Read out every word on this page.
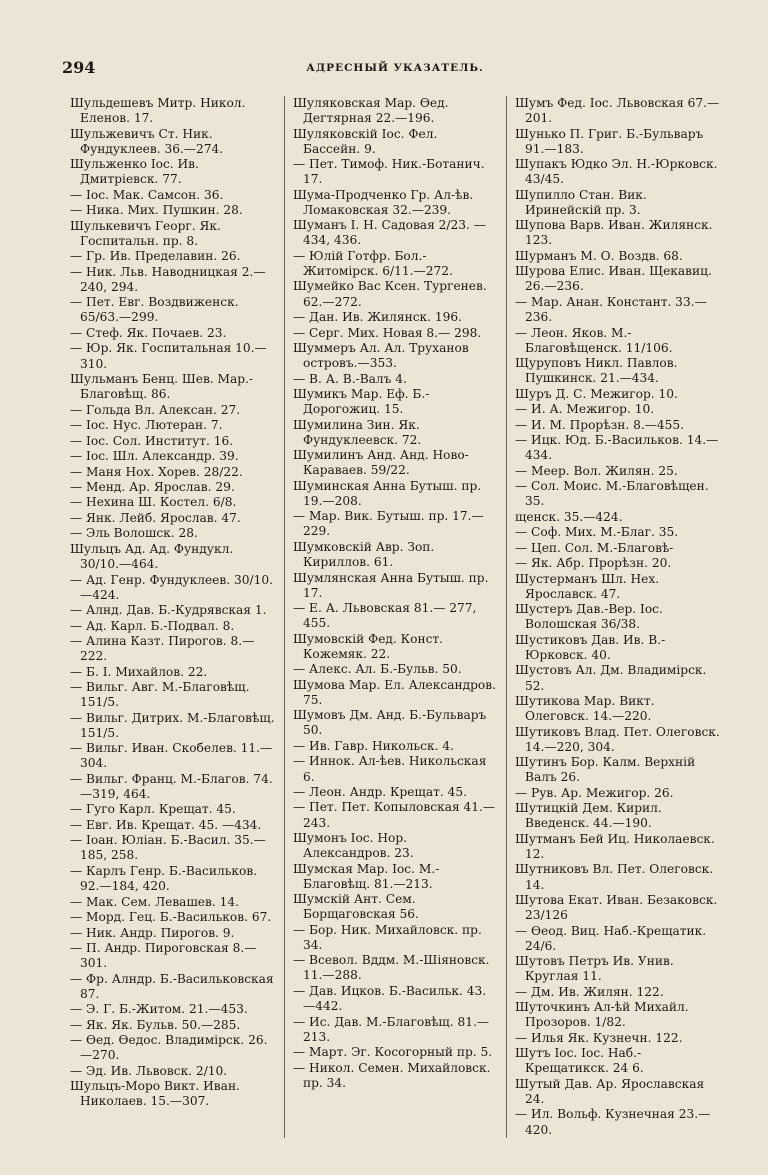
294	АДРЕСНЫЙ УКАЗАТЕЛЬ.

Шульдешевъ Митр. Никол. Еленов. 17.

Шульжевичъ Ст. Ник. Фундуклеев. 36.—274.

Шульженко Іос. Ив. Дмитріевск. 77.

— Іос. Мак. Самсон. 36.

— Ника. Мих. Пушкин. 28.

Шулькевичъ Георг. Як. Госпитальн. пр. 8.

— Гр. Ив. Пределавин. 26.

— Ник. Льв. Наводницкая 2.—240, 294.

— Пет. Евг. Воздвиженск. 65/63.—299.

— Стеф. Як. Почаев. 23.

— Юр. Як. Госпитальная 10.—310.

Шульманъ Бенц. Шев. Мар.-Благовѣщ. 86.

— Гольда Вл. Алексан. 27.

— Іос. Нус. Лютеран. 7.

— Іос. Сол. Институт. 16.

— Іос. Шл. Александр. 39.

— Маня Нох. Хорев. 28/22.

— Менд. Ар. Ярослав. 29.

— Нехина Ш. Костел. 6/8.

— Янк. Лейб. Ярослав. 47.

— Эль Волошск. 28.

Шульцъ Ад. Ад. Фундукл. 30/10.—464.

— Ад. Генр. Фундуклеев. 30/10.—424.

— Алнд. Дав. Б.-Кудрявская 1.

— Ад. Карл. Б.-Подвал. 8.

— Алина Казт. Пирогов. 8.—222.

— Б. І. Михайлов. 22.

— Вильг. Авг. М.-Благовѣщ. 151/5.

— Вильг. Дитрих. М.-Благовѣщ. 151/5.

— Вильг. Иван. Скобелев. 11.—304.

— Вильг. Франц. М.-Благов. 74.—319, 464.

— Гуго Карл. Крещат. 45.

— Евг. Ив. Крещат. 45. —434.

— Іоан. Юліан. Б.-Васил. 35.—185, 258.

— Карлъ Генр. Б.-Васильков. 92.—184, 420.

— Мак. Сем. Левашев. 14.

— Морд. Гец. Б.-Васильков. 67.

— Ник. Андр. Пирогов. 9.

— П. Андр. Пироговская 8.—301.

— Фр. Алндр. Б.-Васильковская 87.

— Э. Г. Б.-Житом. 21.—453.

— Як. Як. Бульв. 50.—285.

— Ѳед. Ѳедос. Владимірск. 26.—270.

— Эд. Ив. Львовск. 2/10.

Шульцъ-Моро Викт. Иван. Николаев. 15.—307.

Шуляковская Мар. Ѳед. Дегтярная 22.—196.

Шуляковскій Іос. Фел. Бассейн. 9.

— Пет. Тимоф. Ник.-Ботанич. 17.

Шума-Продченко Гр. Ал-ѣв. Ломаковская 32.—239.

Шуманъ І. Н. Садовая 2/23. —434, 436.

— Юлій Готфр. Бол.-Житомірск. 6/11.—272.

Шумейко Вас Ксен. Тургенев. 62.—272.

— Дан. Ив. Жилянск. 196.

— Серг. Мих. Новая 8.— 298.

Шуммеръ Ал. Ал. Труханов островъ.—353.

— В. А. В.-Валъ 4.

Шумикъ Мар. Еф. Б.-Дорогожиц. 15.

Шумилина Зин. Як. Фундуклеевск. 72.

Шумилинъ Анд. Анд. Ново-Караваев. 59/22.

Шуминская Анна Бутыш. пр. 19.—208.

— Мар. Вик. Бутыш. пр. 17.—229.

Шумковскій Авр. Зоп. Кириллов. 61.

Шумлянская Анна Бутыш. пр. 17.

— Е. А. Львовская 81.— 277, 455.

Шумовскій Фед. Конст. Кожемяк. 22.

— Алекс. Ал. Б.-Бульв. 50.

Шумова Мар. Ел. Александров. 75.

Шумовъ Дм. Анд. Б.-Бульваръ 50.

— Ив. Гавр. Никольск. 4.

— Иннок. Ал-ѣев. Никольская 6.

— Леон. Андр. Крещат. 45.

— Пет. Пет. Копыловская 41.—243.

Шумонъ Іос. Нор. Александров. 23.

Шумская Мар. Іос. М.-Благовѣщ. 81.—213.

Шумскій Ант. Сем. Борщаговская 56.

— Бор. Ник. Михайловск. пр. 34.

— Всевол. Вддм. М.-Шіяновск. 11.—288.

— Дав. Ицков. Б.-Васильк. 43.—442.

— Ис. Дав. М.-Благовѣщ. 81.—213.

— Март. Эг. Косогорный пр. 5.

— Никол. Семен. Михайловск. пр. 34.

Шумъ Фед. Іос. Львовская 67.—201.

Шунько П. Григ. Б.-Бульваръ 91.—183.

Шупакъ Юдко Эл. Н.-Юрковск. 43/45.

Шупилло Стан. Вик. Иринейскій пр. 3.

Шупова Варв. Иван. Жилянск. 123.

Шурманъ М. О. Воздв. 68.

Шурова Елис. Иван. Щекавиц. 26.—236.

— Мар. Анан. Констант. 33.—236.

— Леон. Яков. М.-Благовѣщенск. 11/106.

Щуруповъ Никл. Павлов. Пушкинск. 21.—434.

Шуръ Д. С. Межигор. 10.

— И. А. Межигор. 10.

— И. М. Прорѣзн. 8.—455.

— Ицк. Юд. Б.-Васильков. 14.—434.

— Меер. Вол. Жилян. 25.

— Сол. Моис. М.-Благовѣщен. 35.

щенск. 35.—424.

— Соф. Мих. М.-Благ. 35.

— Цеп. Сол. М.-Благовѣ-

— Як. Абр. Прорѣзн. 20.

Шустерманъ Шл. Нех. Ярославск. 47.

Шустеръ Дав.-Вер. Іос. Волошская 36/38.

Шустиковъ Дав. Ив. В.-Юрковск. 40.

Шустовъ Ал. Дм. Владимірск. 52.

Шутикова Мар. Викт. Олеговск. 14.—220.

Шутиковъ Влад. Пет. Олеговск. 14.—220, 304.

Шутинъ Бор. Калм. Верхній Валъ 26.

— Рув. Ар. Межигор. 26.

Шутицкій Дем. Кирил. Введенск. 44.—190.

Шутманъ Бей Иц. Николаевск. 12.

Шутниковъ Вл. Пет. Олеговск. 14.

Шутова Екат. Иван. Безаковск. 23/126

— Ѳеод. Виц. Наб.-Крещатик. 24/6.

Шутовъ Петръ Ив. Унив. Круглая 11.

— Дм. Ив. Жилян. 122.

Шуточкинъ Ал-ѣй Михайл. Прозоров. 1/82.

— Илья Як. Кузнечн. 122.

Шутъ Іос. Іос. Наб.-Крещатикск. 24 6.

Шутый Дав. Ар. Ярославская 24.

— Ил. Вольф. Кузнечная 23.—420.
